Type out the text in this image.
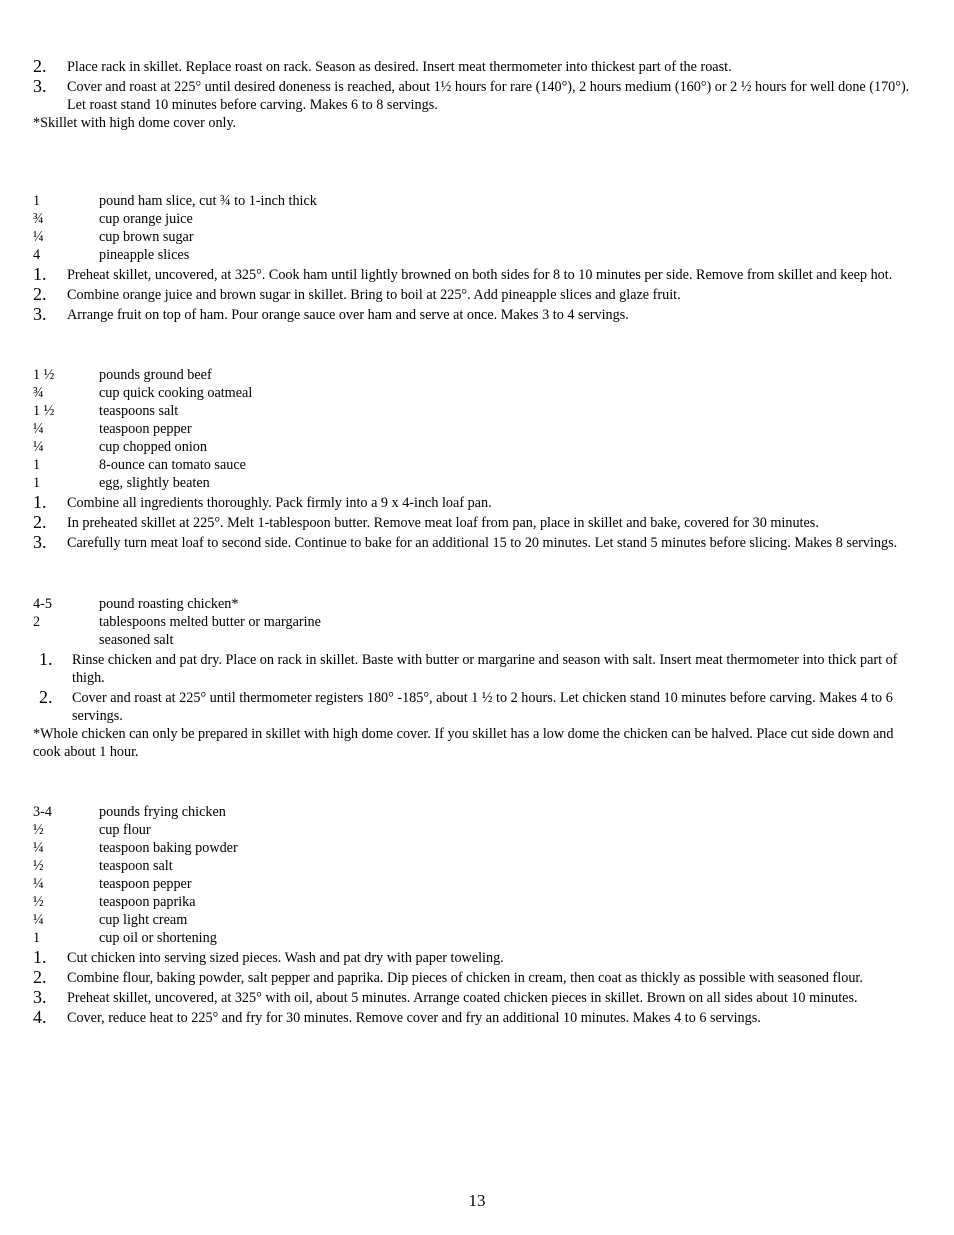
2. Place rack in skillet. Replace roast on rack. Season as desired. Insert meat thermometer into thickest part of the roast.
3. Cover and roast at 225° until desired doneness is reached, about 1½ hours for rare (140°), 2 hours medium (160°) or 2 ½ hours for well done (170°). Let roast stand 10 minutes before carving. Makes 6 to 8 servings.
*Skillet with high dome cover only.
1	pound ham slice, cut ¾ to 1-inch thick
¾	cup orange juice
¼	cup brown sugar
4	pineapple slices
1. Preheat skillet, uncovered, at 325°. Cook ham until lightly browned on both sides for 8 to 10 minutes per side. Remove from skillet and keep hot.
2. Combine orange juice and brown sugar in skillet. Bring to boil at 225°. Add pineapple slices and glaze fruit.
3. Arrange fruit on top of ham. Pour orange sauce over ham and serve at once. Makes 3 to 4 servings.
1 ½	pounds ground beef
¾	cup quick cooking oatmeal
1 ½	teaspoons salt
¼	teaspoon pepper
¼	cup chopped onion
1	8-ounce can tomato sauce
1	egg, slightly beaten
1. Combine all ingredients thoroughly. Pack firmly into a 9 x 4-inch loaf pan.
2. In preheated skillet at 225°. Melt 1-tablespoon butter. Remove meat loaf from pan, place in skillet and bake, covered for 30 minutes.
3. Carefully turn meat loaf to second side. Continue to bake for an additional 15 to 20 minutes. Let stand 5 minutes before slicing. Makes 8 servings.
4-5	pound roasting chicken*
2	tablespoons melted butter or margarine
seasoned salt
1. Rinse chicken and pat dry. Place on rack in skillet. Baste with butter or margarine and season with salt. Insert meat thermometer into thick part of thigh.
2. Cover and roast at 225° until thermometer registers 180° -185°, about 1 ½ to 2 hours. Let chicken stand 10 minutes before carving. Makes 4 to 6 servings.
*Whole chicken can only be prepared in skillet with high dome cover. If you skillet has a low dome the chicken can be halved. Place cut side down and cook about 1 hour.
3-4	pounds frying chicken
½	cup flour
¼	teaspoon baking powder
½	teaspoon salt
¼	teaspoon pepper
½	teaspoon paprika
¼	cup light cream
1	cup oil or shortening
1. Cut chicken into serving sized pieces. Wash and pat dry with paper toweling.
2. Combine flour, baking powder, salt pepper and paprika. Dip pieces of chicken in cream, then coat as thickly as possible with seasoned flour.
3. Preheat skillet, uncovered, at 325° with oil, about 5 minutes. Arrange coated chicken pieces in skillet. Brown on all sides about 10 minutes.
4. Cover, reduce heat to 225° and fry for 30 minutes. Remove cover and fry an additional 10 minutes. Makes 4 to 6 servings.
13
